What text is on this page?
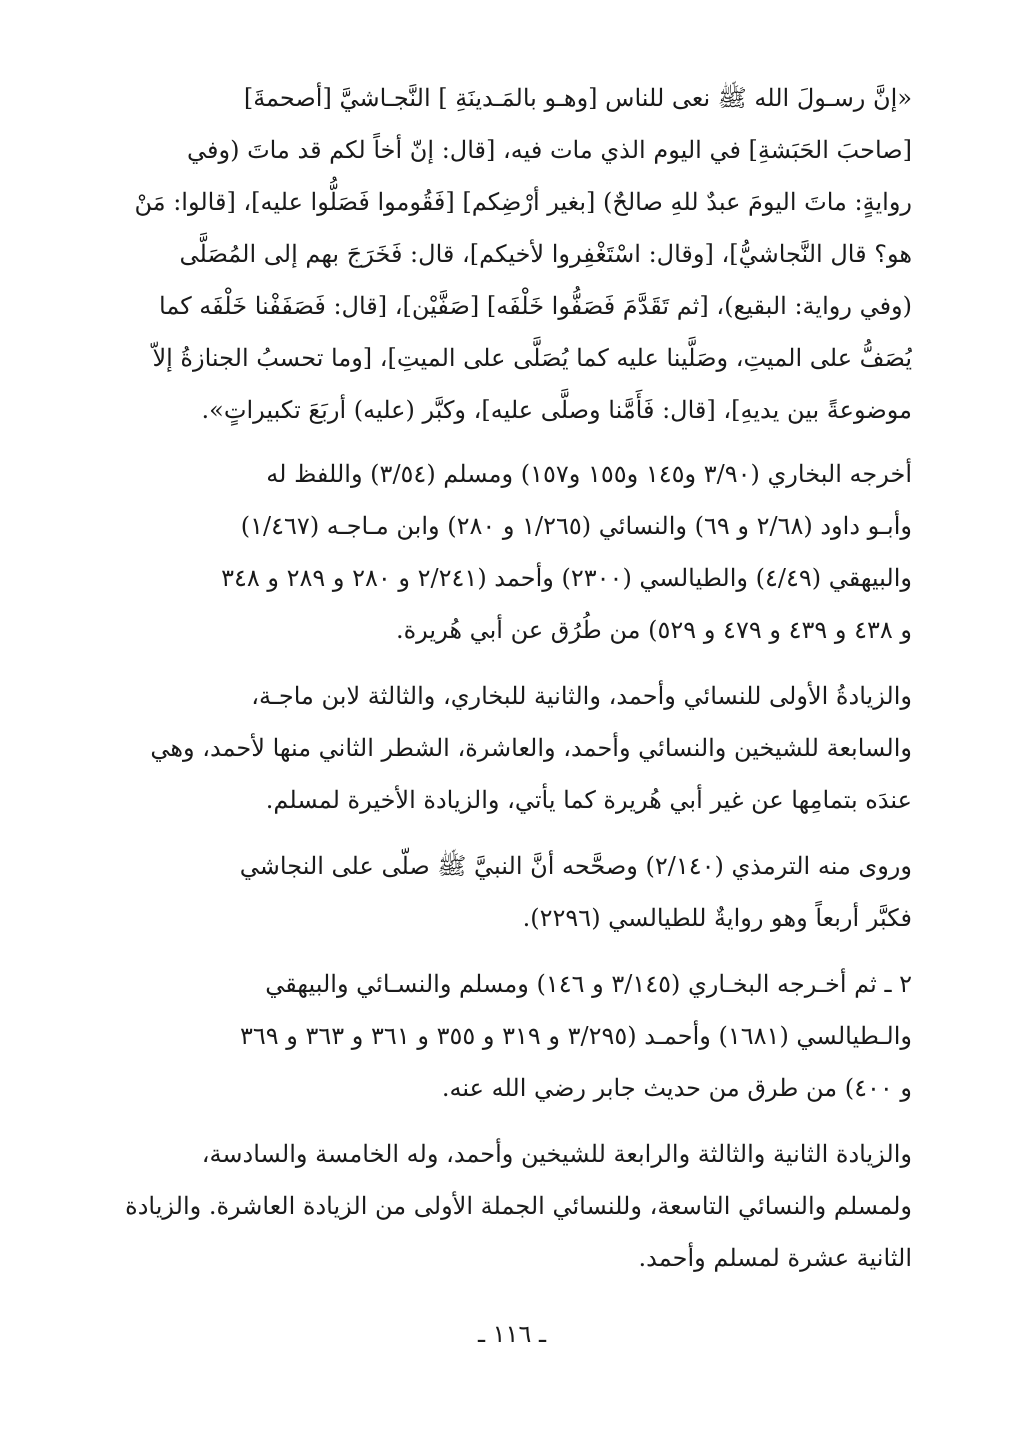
«إنَّ رسـولَ الله ﷺ نعى للناس [وهـو بالمَـدينَةِ ] النَّجـاشيَّ [أصحمةَ]

[صاحبَ الحَبَشةِ] في اليوم الذي مات فيه، [قال: إنّ أخاً لكم قد ماتَ (وفي

روايةٍ: ماتَ اليومَ عبدٌ للهِ صالحٌ) [بغير أرْضِكم] [فَقُوموا فَصَلُّوا عليه]، [قالوا: مَنْ

هو؟ قال النَّجاشيُّ]، [وقال: اسْتَغْفِروا لأخيكم]، قال: فَخَرَجَ بهم إلى المُصَلَّى

(وفي رواية: البقيع)، [ثم تَقَدَّمَ فَصَفُّوا خَلْفَه] [صَفَّيْن]، [قال: فَصَفَفْنا خَلْفَه كما

يُصَفُّ على الميتِ، وصَلَّينا عليه كما يُصَلَّى على الميتِ]، [وما تحسبُ الجنازةُ إلاّ

موضوعةً بين يديهِ]، [قال: فَأَمَّنا وصلَّى عليه]، وكبَّر (عليه) أربَعَ تكبيراتٍ».

أخرجه البخاري (٣/٩٠ و١٤٥ و١٥٥ و١٥٧) ومسلم (٣/٥٤) واللفظ له

وأبـو داود (٢/٦٨ و ٦٩) والنسائي (١/٢٦٥ و ٢٨٠) وابن مـاجـه (١/٤٦٧)

والبيهقي (٤/٤٩) والطيالسي (٢٣٠٠) وأحمد (٢/٢٤١ و ٢٨٠ و ٢٨٩ و ٣٤٨

و ٤٣٨ و ٤٣٩ و ٤٧٩ و ٥٢٩) من طُرُق عن أبي هُريرة.

والزيادةُ الأولى للنسائي وأحمد، والثانية للبخاري، والثالثة لابن ماجـة،

والسابعة للشيخين والنسائي وأحمد، والعاشرة، الشطر الثاني منها لأحمد، وهي

عندَه بتمامِها عن غير أبي هُريرة كما يأتي، والزيادة الأخيرة لمسلم.

وروى منه الترمذي (٢/١٤٠) وصحَّحه أنَّ النبيَّ ﷺ صلّى على النجاشي

فكبَّر أربعاً وهو روايةٌ للطيالسي (٢٢٩٦).

٢ ـ ثم أخـرجه البخـاري (٣/١٤٥ و ١٤٦) ومسلم والنسـائي والبيهقي

والـطيالسي (١٦٨١) وأحمـد (٣/٢٩٥ و ٣١٩ و ٣٥٥ و ٣٦١ و ٣٦٣ و ٣٦٩

و ٤٠٠) من طرق من حديث جابر رضي الله عنه.

والزيادة الثانية والثالثة والرابعة للشيخين وأحمد، وله الخامسة والسادسة،

ولمسلم والنسائي التاسعة، وللنسائي الجملة الأولى من الزيادة العاشرة. والزيادة

الثانية عشرة لمسلم وأحمد.

ـ ١١٦ ـ
